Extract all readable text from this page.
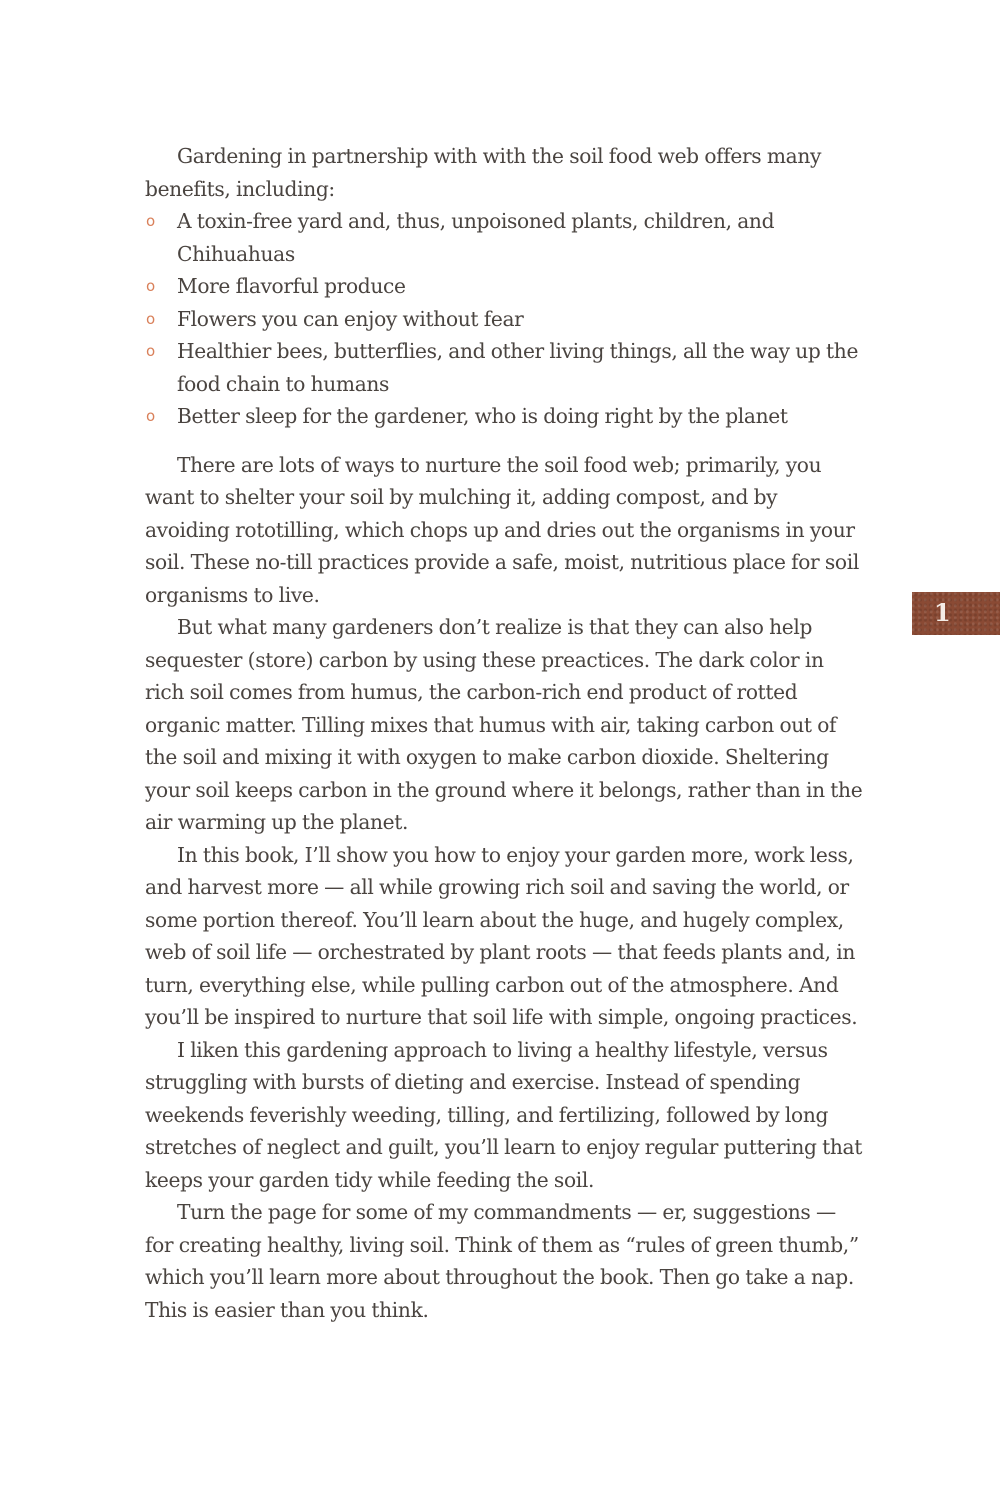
Gardening in partnership with with the soil food web offers many benefits, including:

o A toxin-free yard and, thus, unpoisoned plants, children, and Chihuahuas
o More flavorful produce
o Flowers you can enjoy without fear
o Healthier bees, butterflies, and other living things, all the way up the food chain to humans
o Better sleep for the gardener, who is doing right by the planet

There are lots of ways to nurture the soil food web; primarily, you want to shelter your soil by mulching it, adding compost, and by avoiding rototilling, which chops up and dries out the organisms in your soil. These no-till practices provide a safe, moist, nutritious place for soil organisms to live.

But what many gardeners don’t realize is that they can also help sequester (store) carbon by using these preactices. The dark color in rich soil comes from humus, the carbon-rich end product of rotted organic matter. Tilling mixes that humus with air, taking carbon out of the soil and mixing it with oxygen to make carbon dioxide. Sheltering your soil keeps carbon in the ground where it belongs, rather than in the air warming up the planet.

In this book, I’ll show you how to enjoy your garden more, work less, and harvest more — all while growing rich soil and saving the world, or some portion thereof. You’ll learn about the huge, and hugely complex, web of soil life — orchestrated by plant roots — that feeds plants and, in turn, everything else, while pulling carbon out of the atmosphere. And you’ll be inspired to nurture that soil life with simple, ongoing practices.

I liken this gardening approach to living a healthy lifestyle, versus struggling with bursts of dieting and exercise. Instead of spending weekends feverishly weeding, tilling, and fertilizing, followed by long stretches of neglect and guilt, you’ll learn to enjoy regular puttering that keeps your garden tidy while feeding the soil.

Turn the page for some of my commandments — er, suggestions — for creating healthy, living soil. Think of them as “rules of green thumb,” which you’ll learn more about throughout the book. Then go take a nap. This is easier than you think.

1
